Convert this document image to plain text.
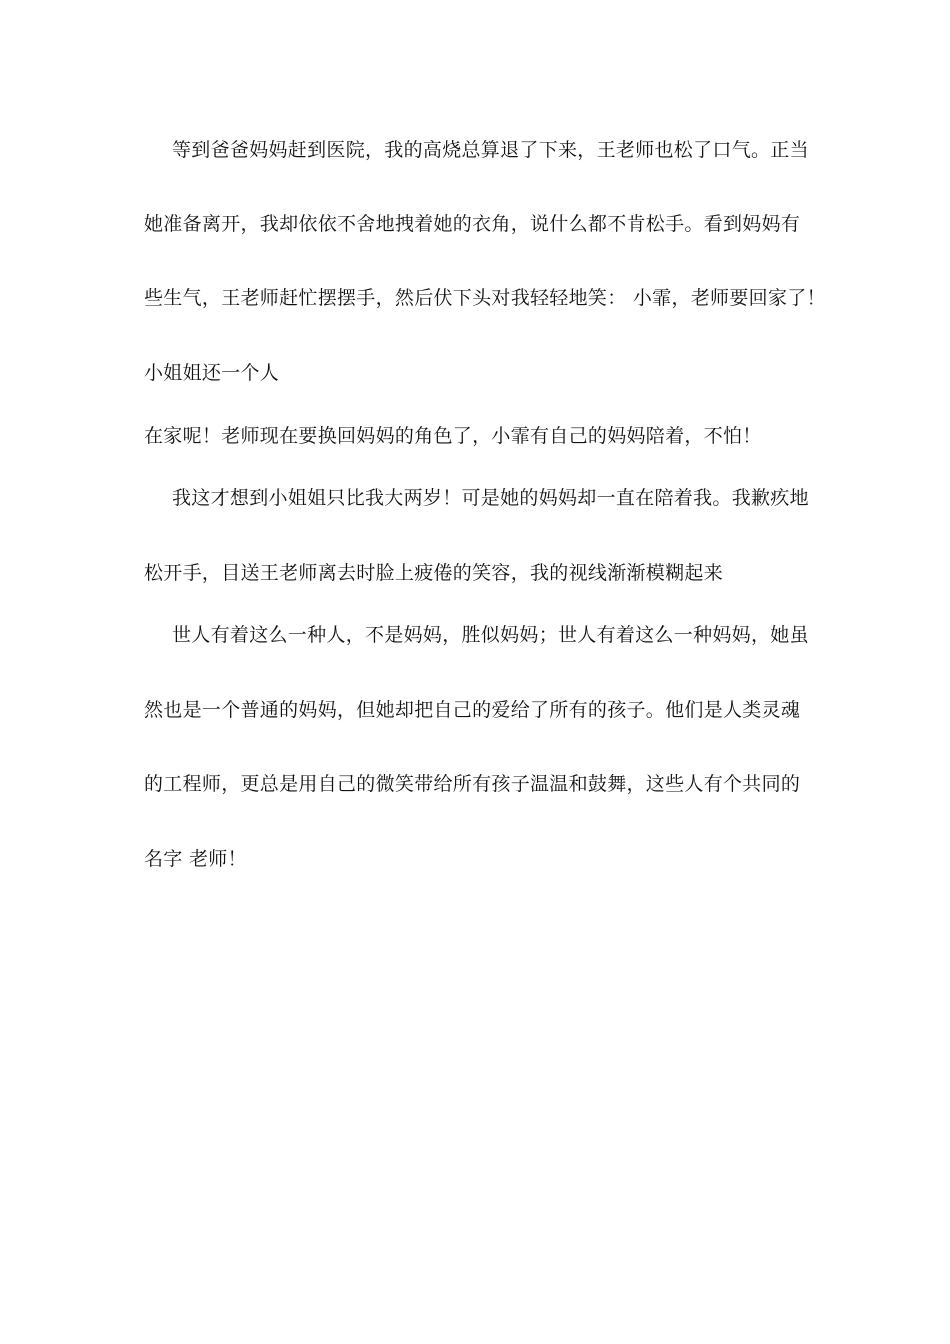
等到爸爸妈妈赶到医院，我的高烧总算退了下来，王老师也松了口气。正当
她准备离开，我却依依不舍地拽着她的衣角，说什么都不肯松手。看到妈妈有
些生气，王老师赶忙摆摆手，然后伏下头对我轻轻地笑： 小霏，老师要回家了！
小姐姐还一个人
在家呢！老师现在要换回妈妈的角色了，小霏有自己的妈妈陪着，不怕！
我这才想到小姐姐只比我大两岁！可是她的妈妈却一直在陪着我。我歉疚地
松开手，目送王老师离去时脸上疲倦的笑容，我的视线渐渐模糊起来
世人有着这么一种人，不是妈妈，胜似妈妈；世人有着这么一种妈妈，她虽
然也是一个普通的妈妈，但她却把自己的爱给了所有的孩子。他们是人类灵魂
的工程师，更总是用自己的微笑带给所有孩子温温和鼓舞，这些人有个共同的
名字 老师！
